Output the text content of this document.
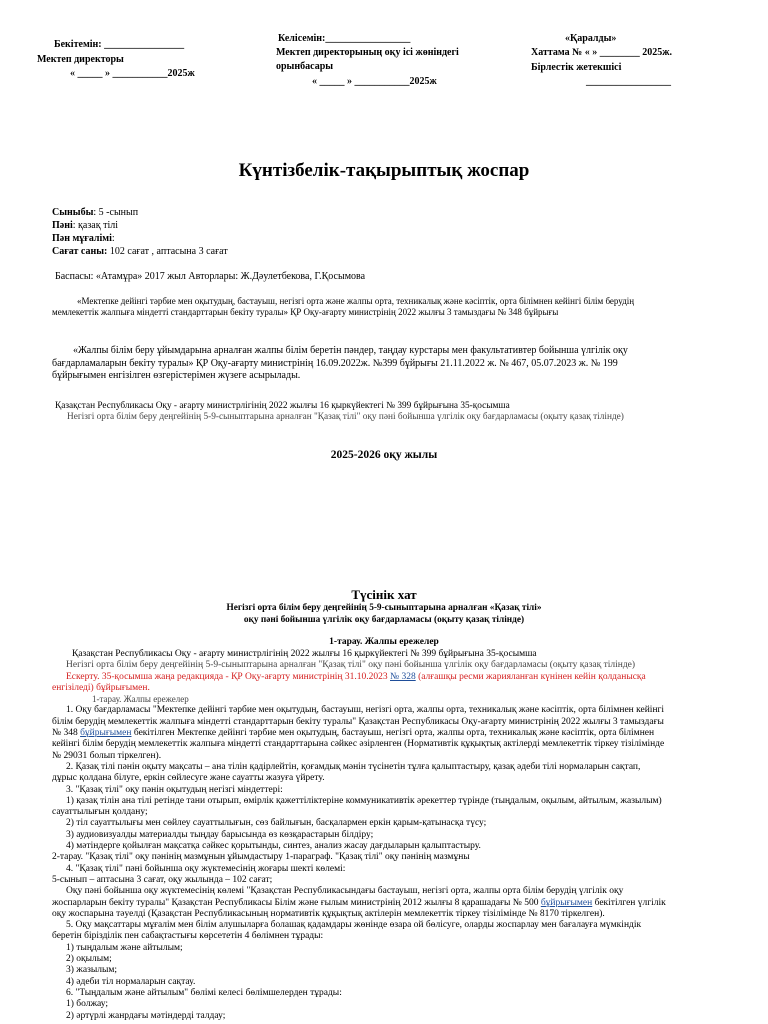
Бекітемін: ________________
Мектеп директоры
« _____ » ___________2025ж
Келісемін:_________________
Мектеп директорының оқу ісі жөніндегі
орынбасары
« _____ » ___________2025ж
«Қаралды»
Хаттама № « » ________ 2025ж.
Бірлестік жетекшісі
_________________
Күнтізбелік-тақырыптық жоспар
Сыныбы: 5 -сынып
Пәні: қазақ тілі
Пән мұғалімі:
Сағат саны: 102 сағат , аптасына 3 сағат
Баспасы: «Атамұра» 2017 жыл Авторлары: Ж.Дәулетбекова, Г.Қосымова
«Мектепке дейінгі тәрбие мен оқытудың, бастауыш, негізгі орта және жалпы орта, техникалық және кәсіптік, орта білімнен кейінгі білім берудің
мемлекеттік жалпыға міндетті стандарттарын бекіту туралы» ҚР Оқу-ағарту министрінің 2022 жылғы 3 тамыздағы № 348 бұйрығы
«Жалпы білім беру ұйымдарына арналған жалпы білім беретін пәндер, таңдау курстары мен факультативтер бойынша үлгілік оқу
бағдарламаларын бекіту туралы» ҚР Оқу-ағарту министрінің 16.09.2022ж. №399 бұйрығы 21.11.2022 ж. № 467, 05.07.2023 ж. № 199
бұйрығымен енгізілген өзгерістерімен жүзеге асырылады.
Қазақстан Республикасы Оқу - ағарту министрлігінің 2022 жылғы 16 қыркүйектегі № 399 бұйрығына 35-қосымша
Негізгі орта білім беру деңгейінің 5-9-сыныптарына арналған "Қазақ тілі" оқу пәні бойынша үлгілік оқу бағдарламасы (оқыту қазақ тілінде)
2025-2026 оқу жылы
Түсінік хат
Негізгі орта білім беру деңгейінің 5-9-сыныптарына арналған «Қазақ тілі»
оқу пәні бойынша үлгілік оқу бағдарламасы (оқыту қазақ тілінде)
1-тарау. Жалпы ережелер
Қазақстан Республикасы Оқу - ағарту министрлігінің 2022 жылғы 16 қыркүйектегі № 399 бұйрығына 35-қосымша
Негізгі орта білім беру деңгейінің 5-9-сыныптарына арналған "Қазақ тілі" оқу пәні бойынша үлгілік оқу бағдарламасы (оқыту қазақ тілінде)
Ескерту. 35-қосымша жаңа редакцияда - ҚР Оқу-ағарту министрінің 31.10.2023 № 328 (алғашқы ресми жарияланған күнінен кейін қолданысқа
енгізіледі) бұйрығымен.
1-тарау. Жалпы ережелер
1. Оқу бағдарламасы "Мектепке дейінгі тәрбие мен оқытудың, бастауыш, негізгі орта, жалпы орта, техникалық және кәсіптік, орта білімнен кейінгі
білім берудің мемлекеттік жалпыға міндетті стандарттарын бекіту туралы" Қазақстан Республикасы Оқу-ағарту министрінің 2022 жылғы 3 тамыздағы
№ 348 бұйрығымен бекітілген Мектепке дейінгі тәрбие мен оқытудың, бастауыш, негізгі орта, жалпы орта, техникалық және кәсіптік, орта білімнен
кейінгі білім берудің мемлекеттік жалпыға міндетті стандарттарына сәйкес әзірленген (Нормативтік құқықтық актілерді мемлекеттік тіркеу тізілімінде
№ 29031 болып тіркелген).
2. Қазақ тілі пәнін оқыту мақсаты – ана тілін қадірлейтін, қоғамдық мәнін түсінетін тұлға қалыптастыру, қазақ әдеби тілі нормаларын сақтап,
дұрыс қолдана білуге, еркін сөйлесуге және сауатты жазуға үйрету.
3. "Қазақ тілі" оқу пәнін оқытудың негізгі міндеттері:
1) қазақ тілін ана тілі ретінде тани отырып, өмірлік қажеттіліктеріне коммуникативтік әрекеттер түрінде (тыңдалым, оқылым, айтылым, жазылым)
сауаттылығын қолдану;
2) тіл сауаттылығы мен сөйлеу сауаттылығын, сөз байлығын, басқалармен еркін қарым-қатынасқа түсу;
3) аудиовизуалды материалды тыңдау барысында өз көзқарастарын білдіру;
4) мәтіндерге қойылған мақсатқа сәйкес қорытынды, синтез, анализ жасау дағдыларын қалыптастыру.
2-тарау. "Қазақ тілі" оқу пәнінің мазмұнын ұйымдастыру 1-параграф. "Қазақ тілі" оқу пәнінің мазмұны
4. "Қазақ тілі" пәні бойынша оқу жүктемесінің жоғары шекті көлемі:
5-сынып – аптасына 3 сағат, оқу жылында – 102 сағат;
Оқу пәні бойынша оқу жүктемесінің көлемі "Қазақстан Республикасындағы бастауыш, негізгі орта, жалпы орта білім берудің үлгілік оқу
жоспарларын бекіту туралы" Қазақстан Республикасы Білім және ғылым министрінің 2012 жылғы 8 қарашадағы № 500 бұйрығымен бекітілген үлгілік
оқу жоспарына тәуелді (Қазақстан Республикасының нормативтік құқықтық актілерін мемлекеттік тіркеу тізілімінде № 8170 тіркелген).
5. Оқу мақсаттары мұғалім мен білім алушыларға болашақ қадамдары жөнінде өзара ой бөлісуге, оларды жоспарлау мен бағалауға мүмкіндік
беретін бірізділік пен сабақтастығы көрсететін 4 бөлімнен тұрады:
1) тыңдалым және айтылым;
2) оқылым;
3) жазылым;
4) әдеби тіл нормаларын сақтау.
6. "Тыңдалым және айтылым" бөлімі келесі бөлімшелерден тұрады:
1) болжау;
2) әртүрлі жанрдағы мәтіндерді талдау;
